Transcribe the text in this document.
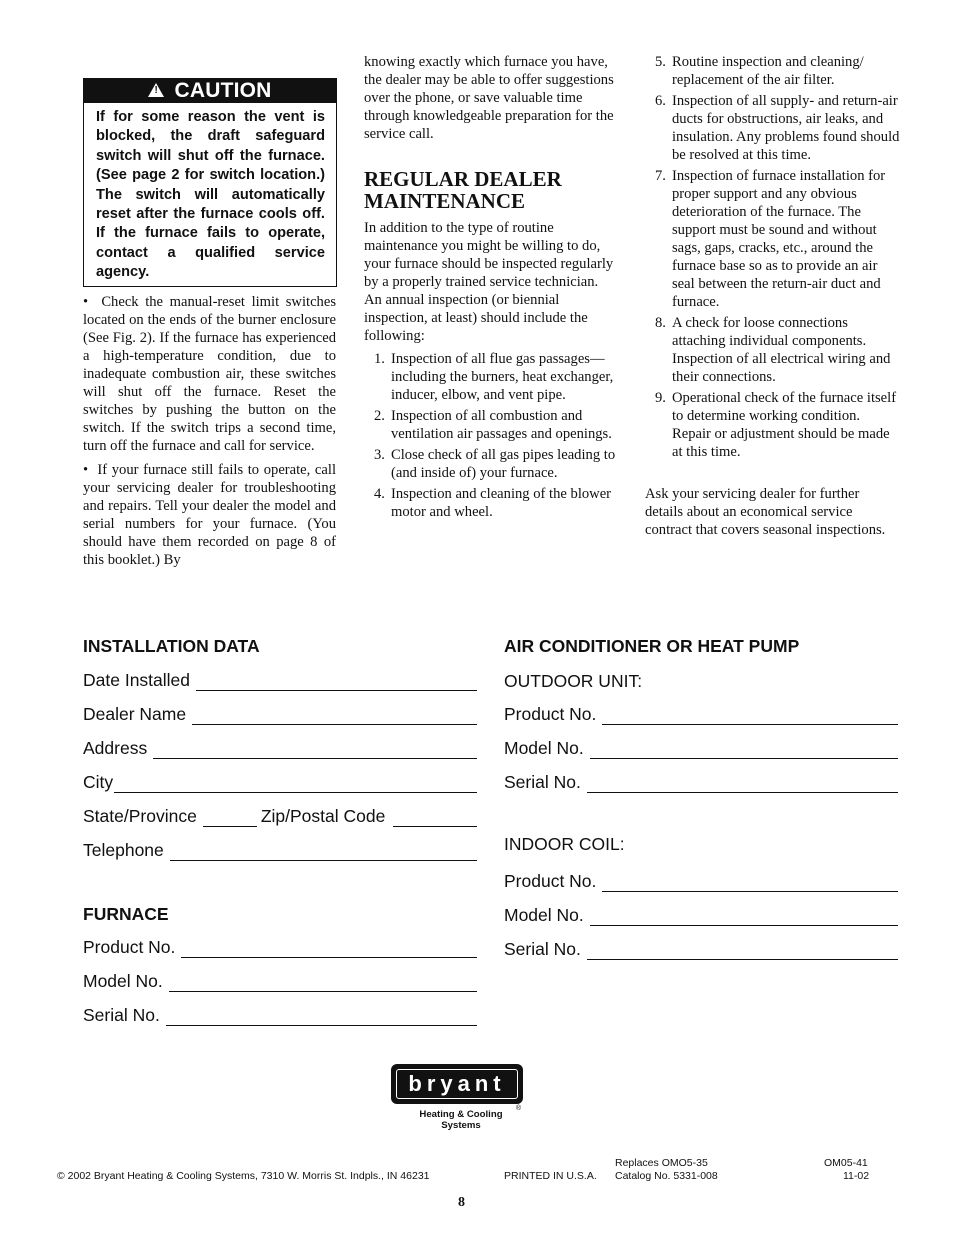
!
CAUTION
If for some reason the vent is blocked, the draft safeguard switch will shut off the furnace. (See page 2 for switch location.) The switch will automatically reset after the furnace cools off. If the furnace fails to operate, contact a qualified service agency.

•  Check the manual-reset limit switches located on the ends of the burner enclosure (See Fig. 2). If the furnace has experienced a high-temperature condition, due to inadequate combustion air, these switches will shut off the furnace. Reset the switches by pushing the button on the switch. If the switch trips a second time, turn off the furnace and call for service.

•  If your furnace still fails to operate, call your servicing dealer for troubleshooting and repairs. Tell your dealer the model and serial numbers for your furnace. (You should have them recorded on page 8 of this booklet.) By

knowing exactly which furnace you have, the dealer may be able to offer suggestions over the phone, or save valuable time through knowledgeable preparation for the service call.

REGULAR DEALER MAINTENANCE

In addition to the type of routine maintenance you might be willing to do, your furnace should be inspected regularly by a properly trained service technician. An annual inspection (or biennial inspection, at least) should include the following:

1. Inspection of all flue gas passages—including the burners, heat exchanger, inducer, elbow, and vent pipe.
2. Inspection of all combustion and ventilation air passages and openings.
3. Close check of all gas pipes leading to (and inside of) your furnace.
4. Inspection and cleaning of the blower motor and wheel.
5. Routine inspection and cleaning/ replacement of the air filter.
6. Inspection of all supply- and return-air ducts for obstructions, air leaks, and insulation. Any problems found should be resolved at this time.
7. Inspection of furnace installation for proper support and any obvious deterioration of the furnace. The support must be sound and without sags, gaps, cracks, etc., around the furnace base so as to provide an air seal between the return-air duct and furnace.
8. A check for loose connections attaching individual components. Inspection of all electrical wiring and their connections.
9. Operational check of the furnace itself to determine working condition. Repair or adjustment should be made at this time.

Ask your servicing dealer for further details about an economical service contract that covers seasonal inspections.

INSTALLATION DATA
Date Installed
Dealer Name
Address
City
State/Province	Zip/Postal Code
Telephone
FURNACE
Product No.
Model No.
Serial No.
AIR CONDITIONER OR HEAT PUMP
OUTDOOR UNIT:
Product No.
Model No.
Serial No.
INDOOR COIL:
Product No.
Model No.
Serial No.
bryant
®
Heating & Cooling Systems
© 2002 Bryant Heating & Cooling Systems, 7310 W. Morris St. Indpls., IN 46231	PRINTED IN U.S.A.
Replaces OMO5-35
Catalog No. 5331-008
OM05-41
11-02
8
